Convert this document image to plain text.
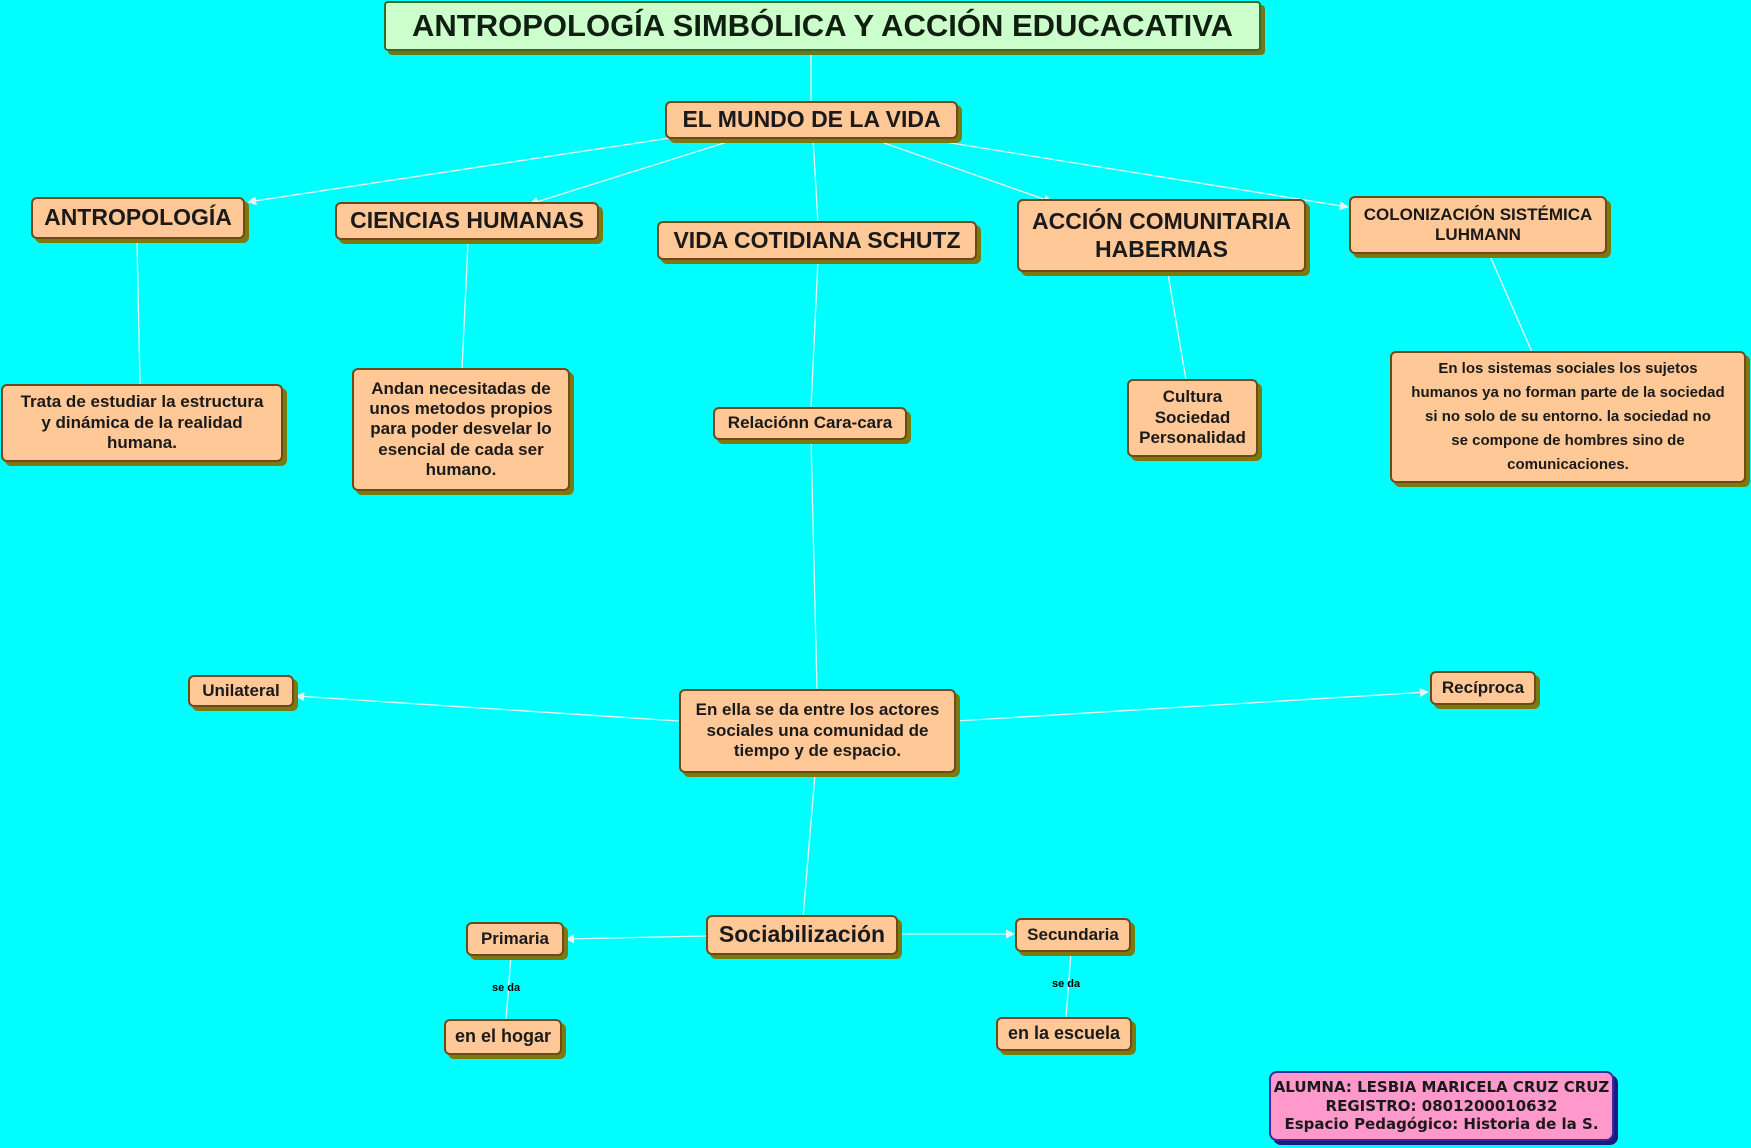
ANTROPOLOGÍA SIMBÓLICA Y ACCIÓN EDUCACATIVA
EL MUNDO DE LA VIDA
ANTROPOLOGÍA	CIENCIAS HUMANAS
VIDA COTIDIANA SCHUTZ
ACCIÓN COMUNITARIA
HABERMAS
COLONIZACIÓN SISTÉMICA
LUHMANN
Trata de estudiar la estructura
y dinámica de la realidad
humana.
Andan necesitadas de
unos metodos propios
para poder desvelar lo
esencial de cada ser
humano.
Relaciónn Cara-cara
Cultura
Sociedad
Personalidad
En los sistemas sociales los sujetos
humanos ya no forman parte de la sociedad
si no solo de su entorno. la sociedad no
se compone de hombres sino de
comunicaciones.
En ella se da entre los actores
sociales una comunidad de
tiempo y de espacio.
Unilateral	Recíproca
Sociabilización
Primaria	Secundaria
se da	se da
en el hogar	en la escuela
ALUMNA: LESBIA MARICELA CRUZ CRUZ
REGISTRO: 0801200010632
Espacio Pedagógico: Historia de la S.
